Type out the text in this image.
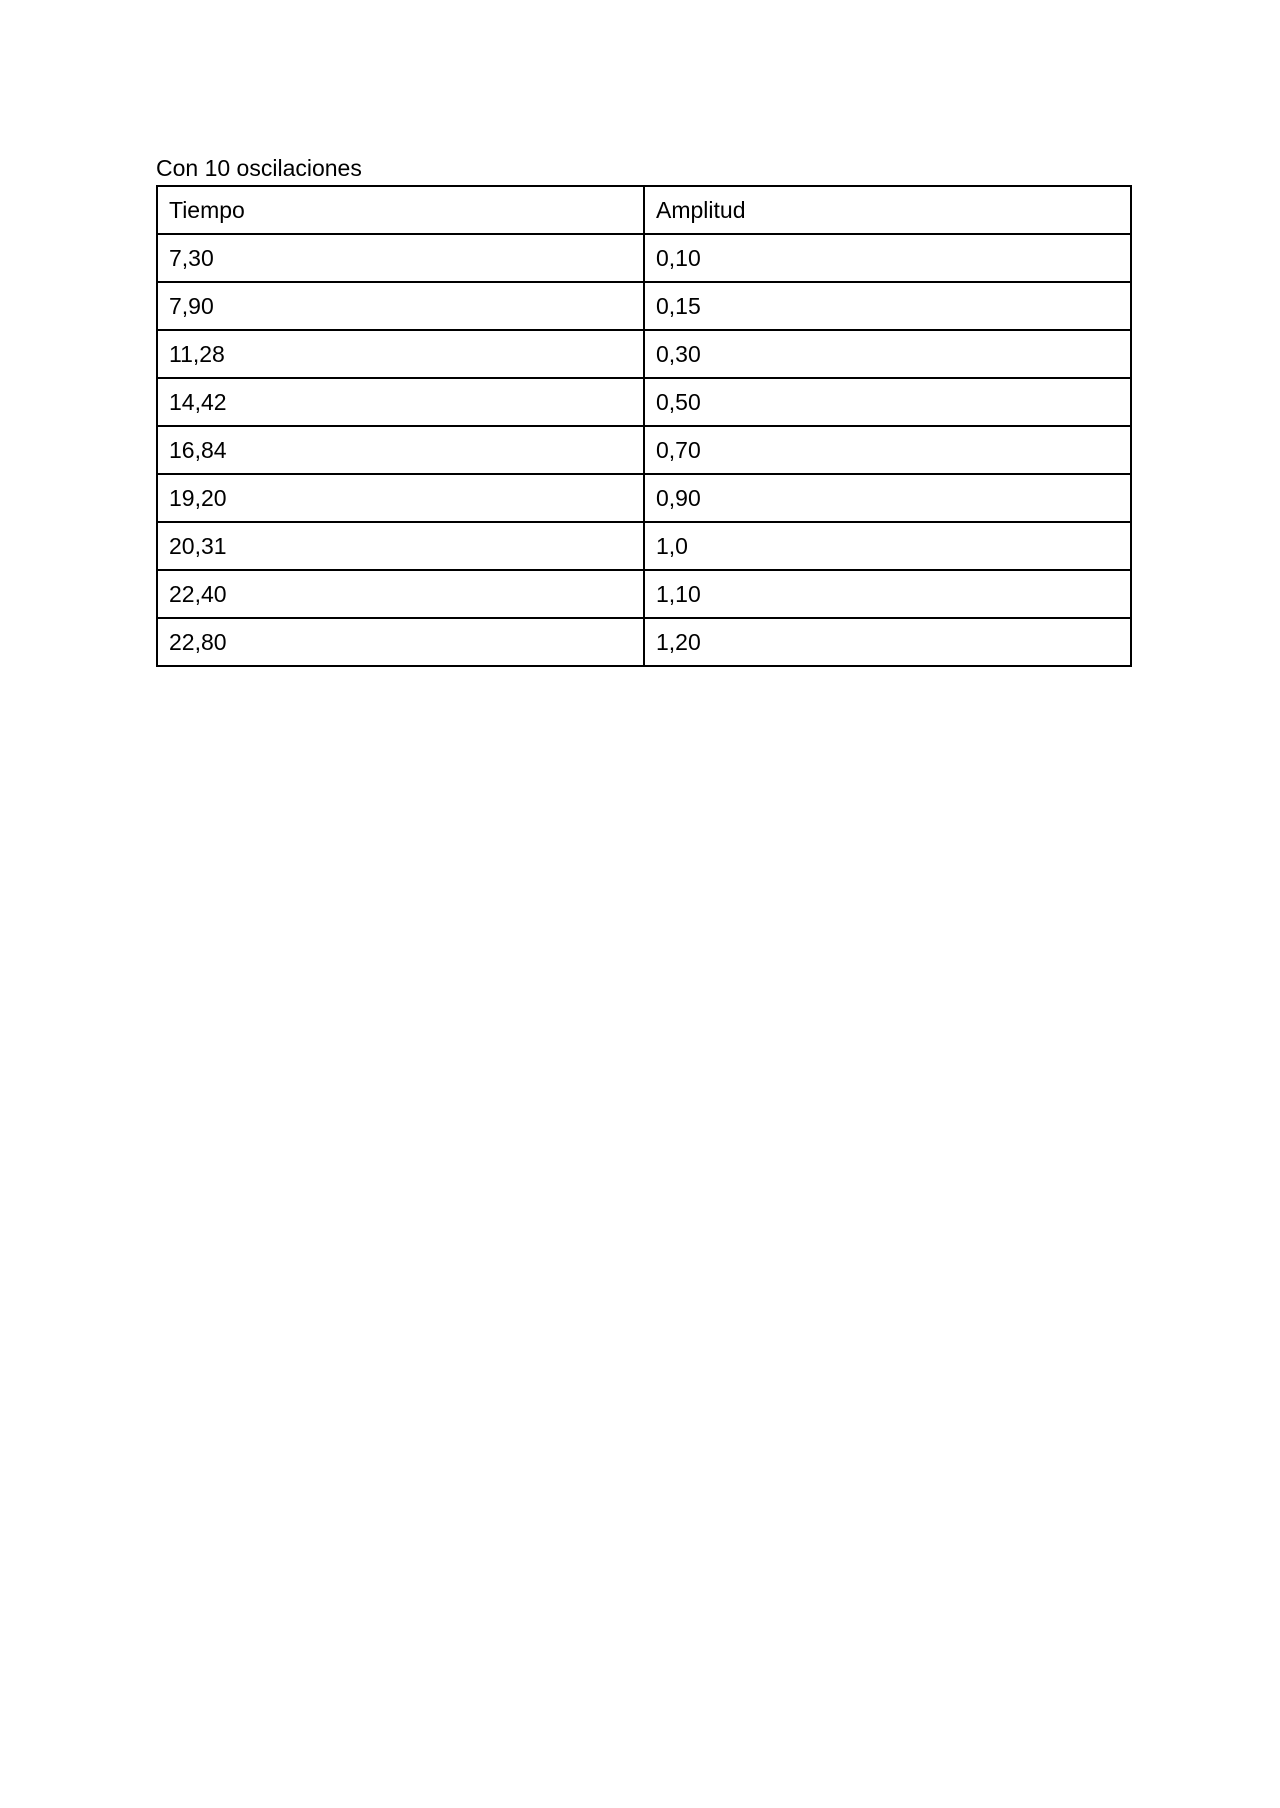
Con 10 oscilaciones
Tiempo	Amplitud
7,30	0,10
7,90	0,15
11,28	0,30
14,42	0,50
16,84	0,70
19,20	0,90
20,31	1,0
22,40	1,10
22,80	1,20
